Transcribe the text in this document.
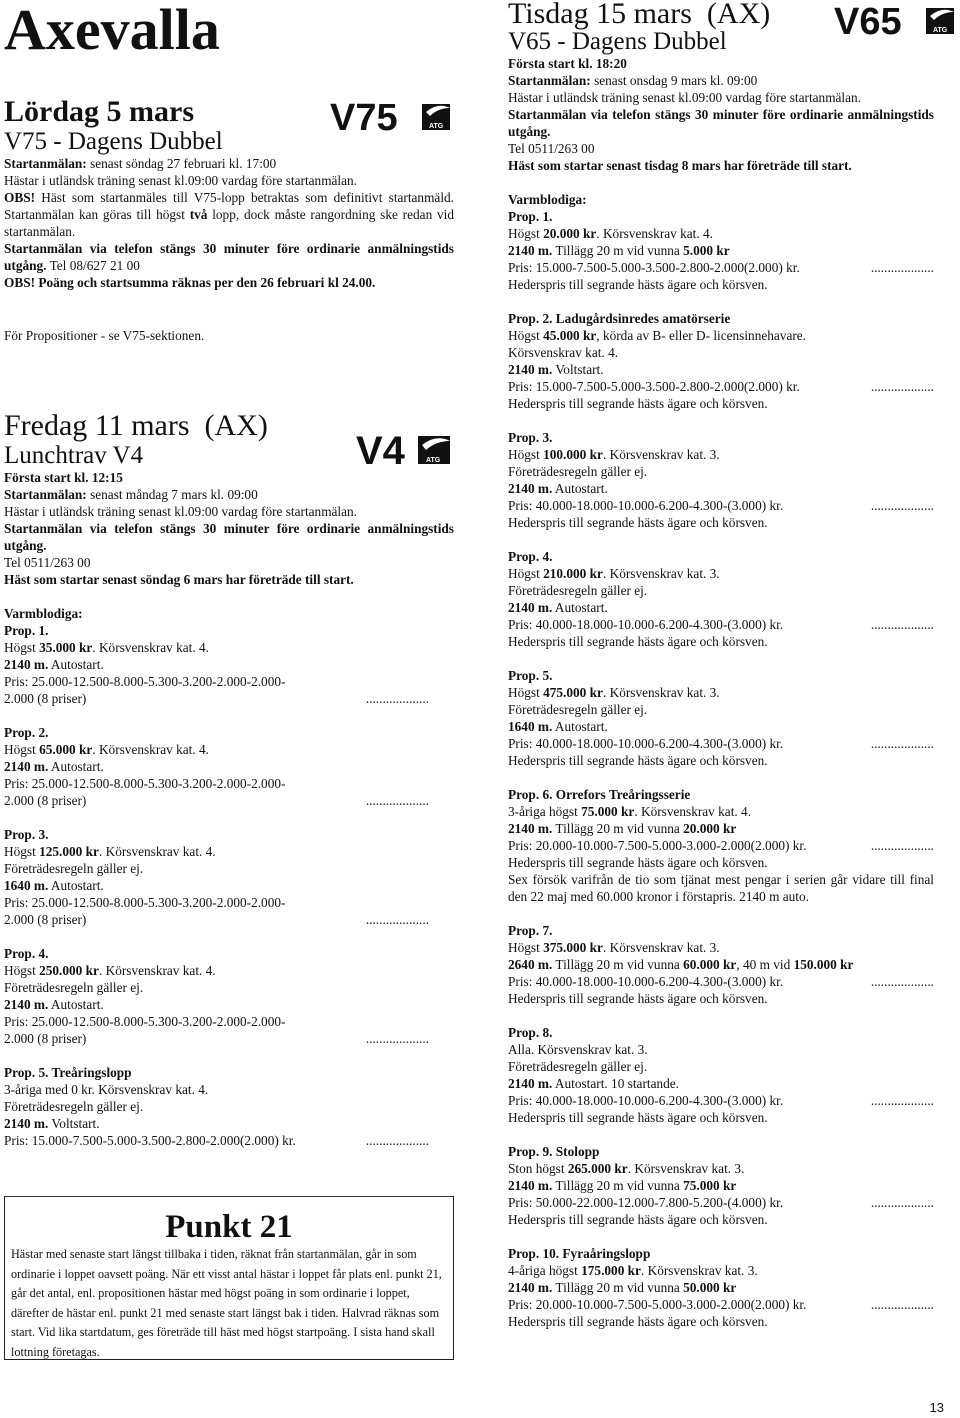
Axevalla
Lördag 5 mars
V75 - Dagens Dubbel

Startanmälan: senast söndag 27 februari kl. 17:00

Hästar i utländsk träning senast kl.09:00 vardag före startanmälan.

OBS! Häst som startanmäles till V75-lopp betraktas som definitivt startanmäld. Startanmälan kan göras till högst två lopp, dock måste rangordning ske redan vid startanmälan.

Startanmälan via telefon stängs 30 minuter före ordinarie anmälningstids utgång. Tel 08/627 21 00

OBS! Poäng och startsumma räknas per den 26 februari kl 24.00.

För Propositioner - se V75-sektionen.

Fredag 11 mars (AX)
Lunchtrav V4

Första start kl. 12:15

Startanmälan: senast måndag 7 mars kl. 09:00

Hästar i utländsk träning senast kl.09:00 vardag före startanmälan.

Startanmälan via telefon stängs 30 minuter före ordinarie anmälningstids utgång.

Tel 0511/263 00

Häst som startar senast söndag 6 mars har företräde till start.

Varmblodiga:

Prop. 1.

Högst 35.000 kr. Körsvenskrav kat. 4.

2140 m. Autostart.

Pris: 25.000-12.500-8.000-5.300-3.200-2.000-2.000-

2.000 (8 priser)	...................

Prop. 2.

Högst 65.000 kr. Körsvenskrav kat. 4.

2140 m. Autostart.

Pris: 25.000-12.500-8.000-5.300-3.200-2.000-2.000-

2.000 (8 priser)	...................

Prop. 3.

Högst 125.000 kr. Körsvenskrav kat. 4.

Företrädesregeln gäller ej.

1640 m. Autostart.

Pris: 25.000-12.500-8.000-5.300-3.200-2.000-2.000-

2.000 (8 priser)	...................

Prop. 4.

Högst 250.000 kr. Körsvenskrav kat. 4.

Företrädesregeln gäller ej.

2140 m. Autostart.

Pris: 25.000-12.500-8.000-5.300-3.200-2.000-2.000-

2.000 (8 priser)	...................

Prop. 5. Treåringslopp

3-åriga med 0 kr. Körsvenskrav kat. 4.

Företrädesregeln gäller ej.

2140 m. Voltstart.

Pris: 15.000-7.500-5.000-3.500-2.800-2.000(2.000) kr.	...................
Punkt 21

Hästar med senaste start längst tillbaka i tiden, räknat från startanmälan, går in som ordinarie i loppet oavsett poäng. När ett visst antal hästar i loppet får plats enl. punkt 21, går det antal, enl. propositionen hästar med högst poäng in som ordinarie i loppet, därefter de hästar enl. punkt 21 med senaste start längst bak i tiden. Halvrad räknas som start. Vid lika startdatum, ges företräde till häst med högst startpoäng. I sista hand skall lottning företagas.

Tisdag 15 mars (AX)
V65 - Dagens Dubbel

Första start kl. 18:20

Startanmälan: senast onsdag 9 mars kl. 09:00

Hästar i utländsk träning senast kl.09:00 vardag före startanmälan.

Startanmälan via telefon stängs 30 minuter före ordinarie anmälningstids utgång.

Tel 0511/263 00

Häst som startar senast tisdag 8 mars har företräde till start.

Varmblodiga:

Prop. 1.

Högst 20.000 kr. Körsvenskrav kat. 4.

2140 m. Tillägg 20 m vid vunna 5.000 kr

Pris: 15.000-7.500-5.000-3.500-2.800-2.000(2.000) kr.	...................

Hederspris till segrande hästs ägare och körsven.

Prop. 2. Ladugårdsinredes amatörserie

Högst 45.000 kr, körda av B- eller D- licensinnehavare.

Körsvenskrav kat. 4.

2140 m. Voltstart.

Pris: 15.000-7.500-5.000-3.500-2.800-2.000(2.000) kr.	...................

Hederspris till segrande hästs ägare och körsven.

Prop. 3.

Högst 100.000 kr. Körsvenskrav kat. 3.

Företrädesregeln gäller ej.

2140 m. Autostart.

Pris: 40.000-18.000-10.000-6.200-4.300-(3.000) kr.	...................

Hederspris till segrande hästs ägare och körsven.

Prop. 4.

Högst 210.000 kr. Körsvenskrav kat. 3.

Företrädesregeln gäller ej.

2140 m. Autostart.

Pris: 40.000-18.000-10.000-6.200-4.300-(3.000) kr.	...................

Hederspris till segrande hästs ägare och körsven.

Prop. 5.

Högst 475.000 kr. Körsvenskrav kat. 3.

Företrädesregeln gäller ej.

1640 m. Autostart.

Pris: 40.000-18.000-10.000-6.200-4.300-(3.000) kr.	...................

Hederspris till segrande hästs ägare och körsven.

Prop. 6. Orrefors Treåringsserie

3-åriga högst 75.000 kr. Körsvenskrav kat. 4.

2140 m. Tillägg 20 m vid vunna 20.000 kr

Pris: 20.000-10.000-7.500-5.000-3.000-2.000(2.000) kr.	...................

Hederspris till segrande hästs ägare och körsven.

Sex försök varifrån de tio som tjänat mest pengar i serien går vidare till final den 22 maj med 60.000 kronor i förstapris. 2140 m auto.

Prop. 7.

Högst 375.000 kr. Körsvenskrav kat. 3.

2640 m. Tillägg 20 m vid vunna 60.000 kr, 40 m vid 150.000 kr

Pris: 40.000-18.000-10.000-6.200-4.300-(3.000) kr.	...................

Hederspris till segrande hästs ägare och körsven.

Prop. 8.

Alla. Körsvenskrav kat. 3.

Företrädesregeln gäller ej.

2140 m. Autostart. 10 startande.

Pris: 40.000-18.000-10.000-6.200-4.300-(3.000) kr.	...................

Hederspris till segrande hästs ägare och körsven.

Prop. 9. Stolopp

Ston högst 265.000 kr. Körsvenskrav kat. 3.

2140 m. Tillägg 20 m vid vunna 75.000 kr

Pris: 50.000-22.000-12.000-7.800-5.200-(4.000) kr.	...................

Hederspris till segrande hästs ägare och körsven.

Prop. 10. Fyraåringslopp

4-åriga högst 175.000 kr. Körsvenskrav kat. 3.

2140 m. Tillägg 20 m vid vunna 50.000 kr

Pris: 20.000-10.000-7.500-5.000-3.000-2.000(2.000) kr.	...................

Hederspris till segrande hästs ägare och körsven.

V75	ATG
V4	ATG
V65	ATG
13
